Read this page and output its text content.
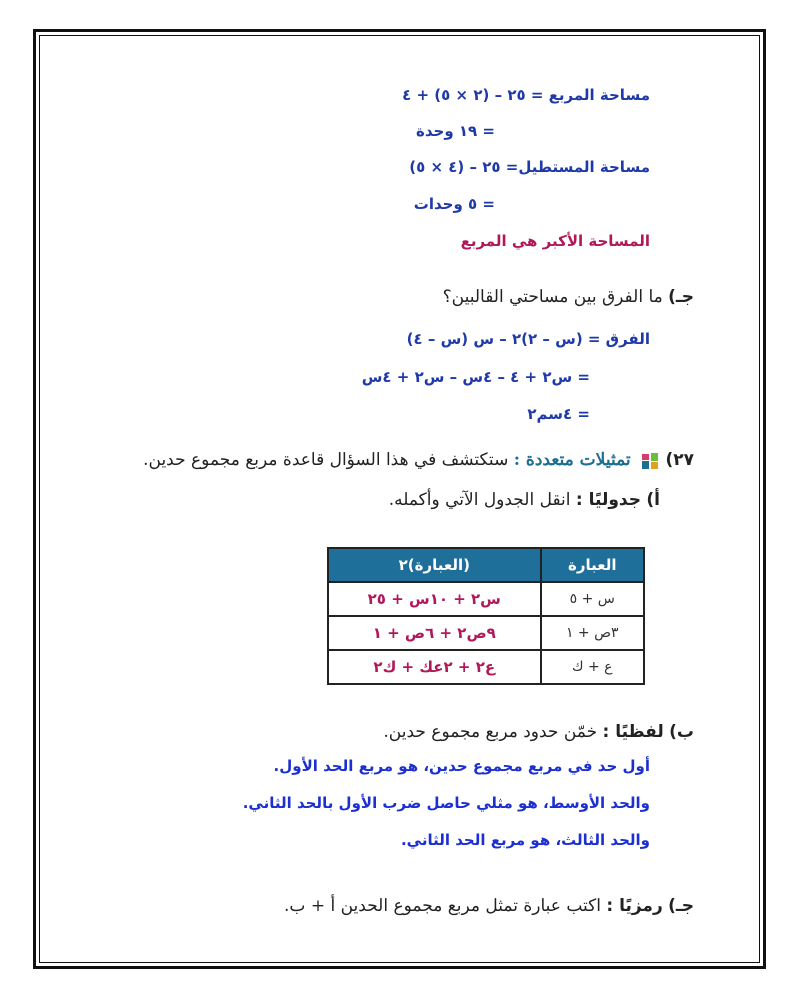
مساحة المربع = ٢٥ – (٢ × ٥) + ٤
= ١٩ وحدة
مساحة المستطيل= ٢٥ – (٤ × ٥)
= ٥ وحدات
المساحة الأكبر هي المربع
جـ) ما الفرق بين مساحتي القالبين؟
الفرق = (س – ٢)٢ – س (س – ٤)
= س٢ + ٤ – ٤س – س٢ + ٤س
= ٤سم٢
٢٧)  تمثيلات متعددة : ستكتشف في هذا السؤال قاعدة مربع مجموع حدين.
أ) جدوليًا : انقل الجدول الآتي وأكمله.
العبارة	(العبارة)٢
س + ٥	س٢ + ١٠س + ٢٥
٣ص + ١	٩ص٢ + ٦ص + ١
ع + ك	ع٢ + ٢عك + ك٢
ب) لفظيًا : خمّن حدود مربع مجموع حدين.
أول حد في مربع مجموع حدين، هو مربع الحد الأول.
والحد الأوسط، هو مثلي حاصل ضرب الأول بالحد الثاني.
والحد الثالث، هو مربع الحد الثاني.
جـ) رمزيًا : اكتب عبارة تمثل مربع مجموع الحدين أ + ب.
